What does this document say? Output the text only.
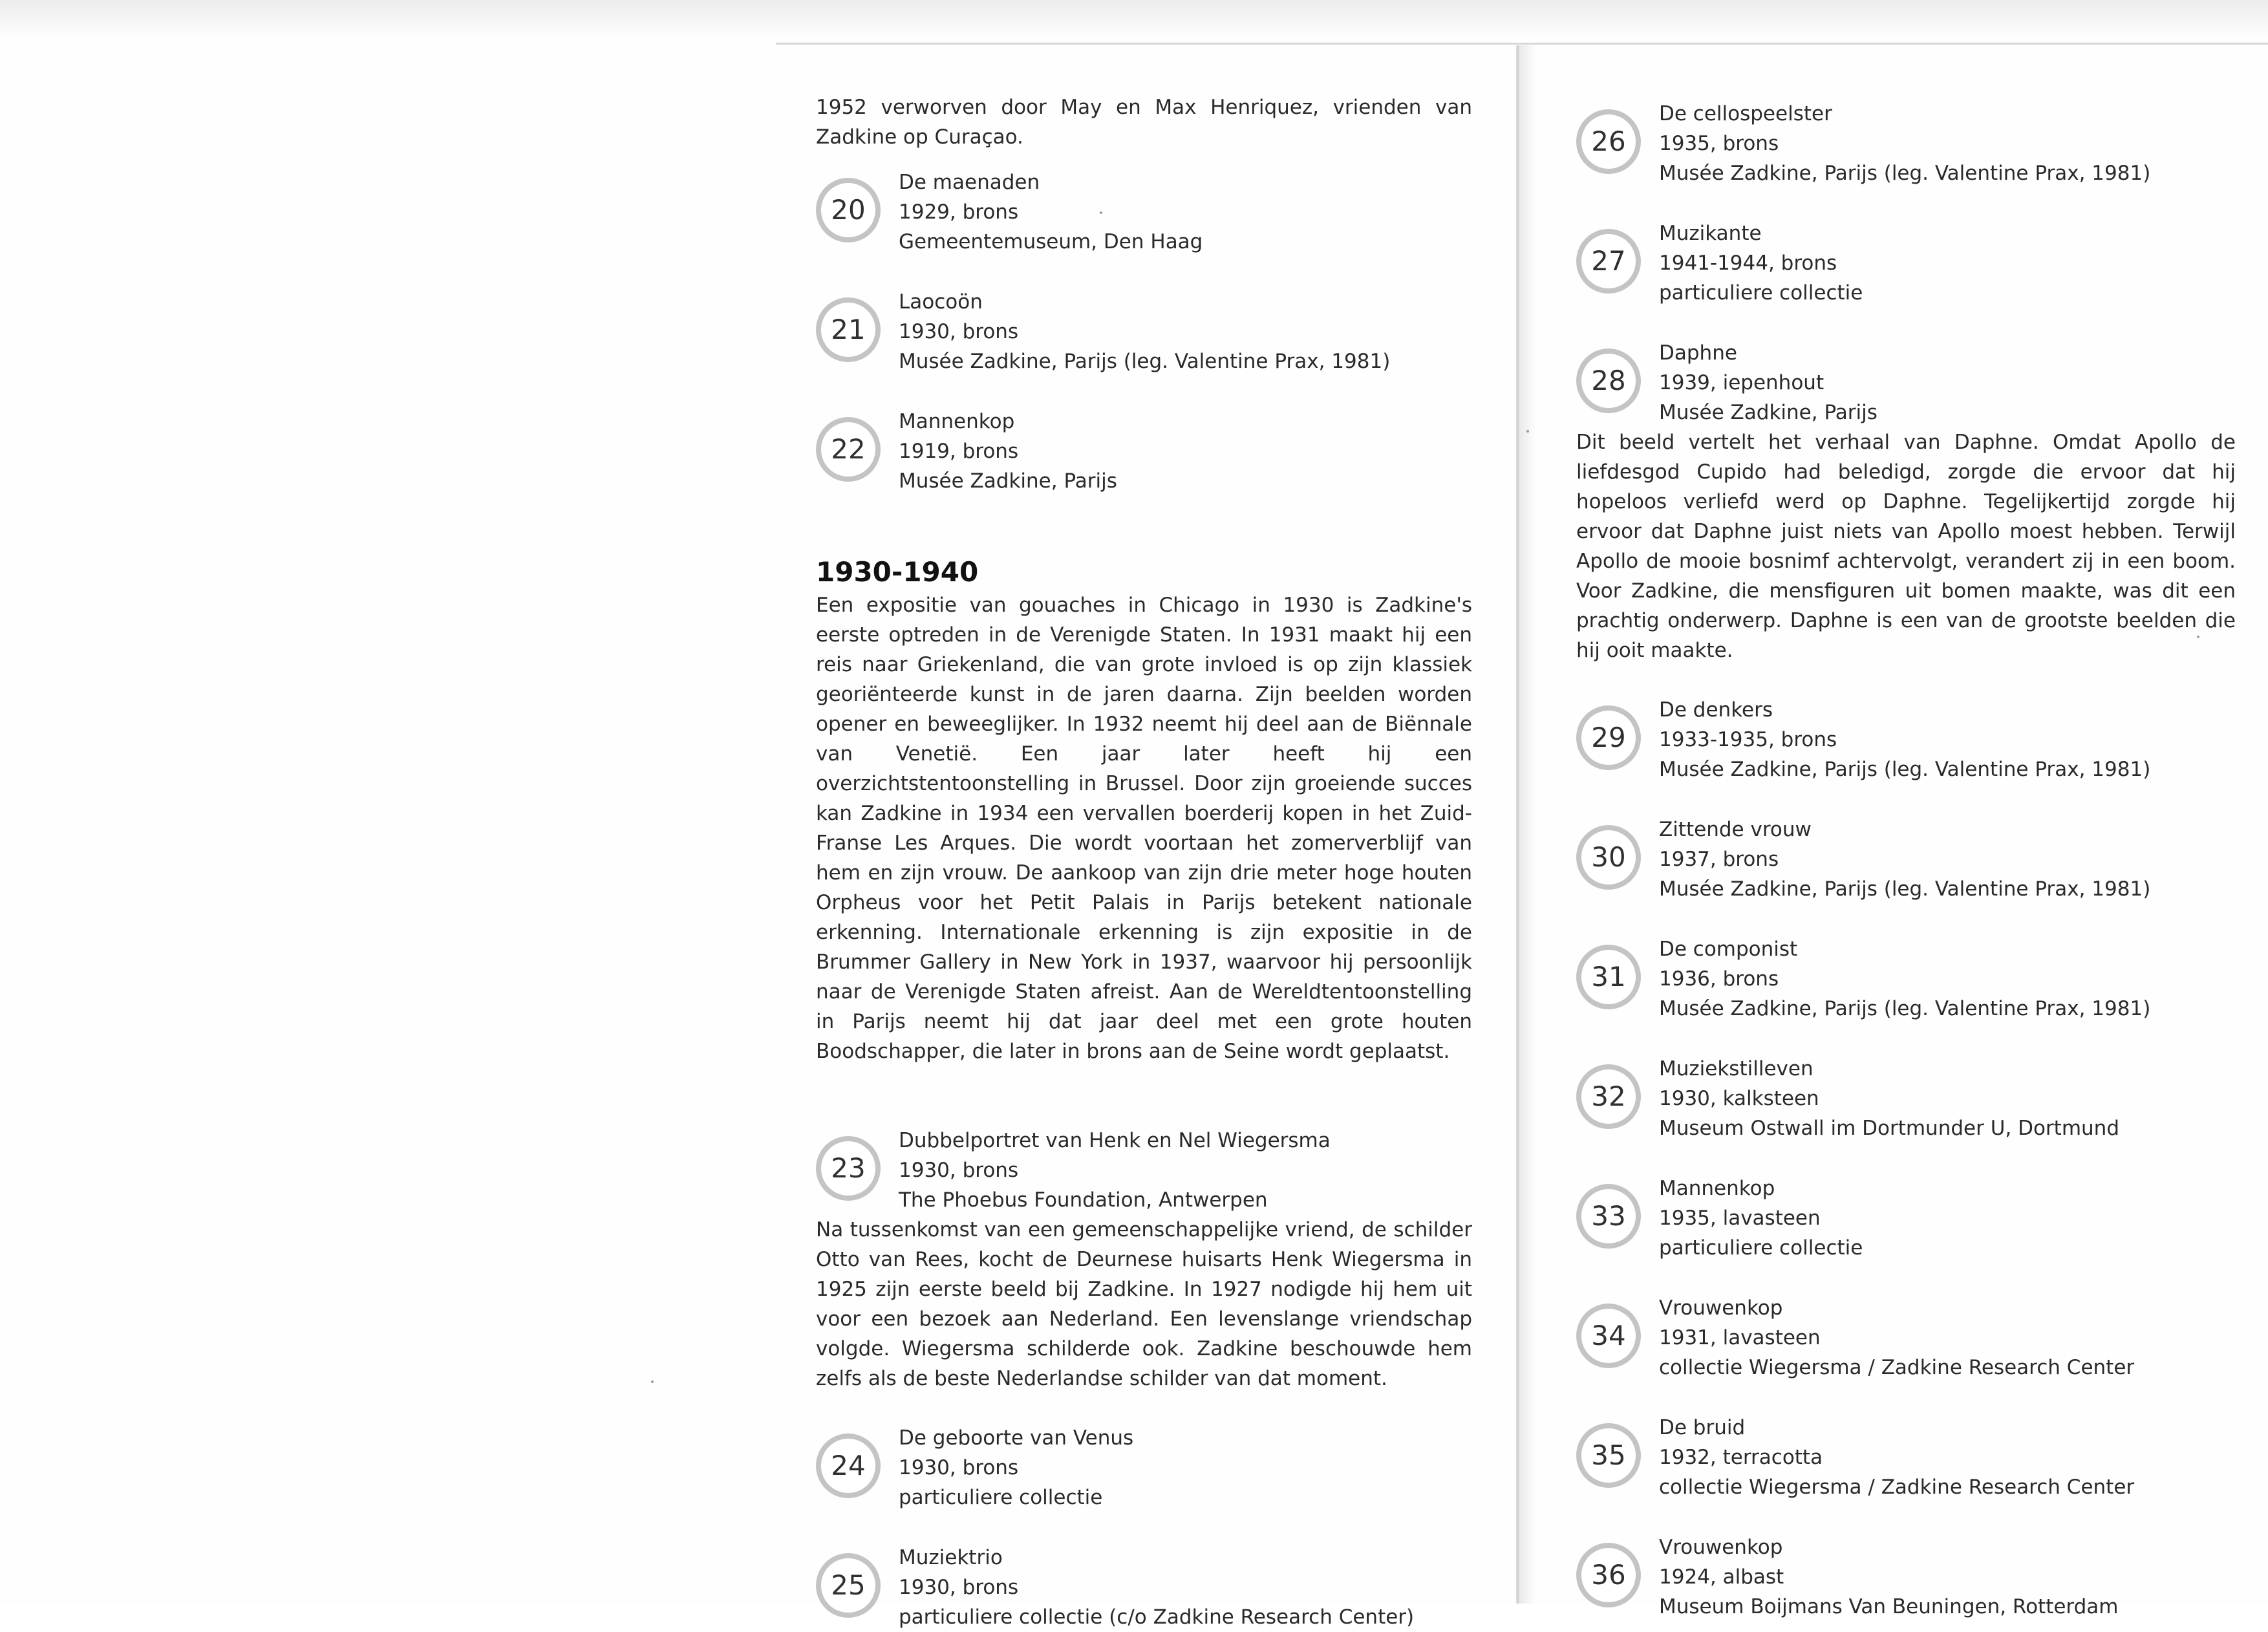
1952 verworven door May en Max Henriquez, vrienden van Zadkine op Curaçao.

20
De maenaden
1929, brons
Gemeentemuseum, Den Haag
21
Laocoön
1930, brons
Musée Zadkine, Parijs (leg. Valentine Prax, 1981)
22
Mannenkop
1919, brons
Musée Zadkine, Parijs
1930-1940

Een expositie van gouaches in Chicago in 1930 is Zadkine's eerste optreden in de Verenigde Staten. In 1931 maakt hij een reis naar Griekenland, die van grote invloed is op zijn klassiek georiënteerde kunst in de jaren daarna. Zijn beelden worden opener en beweeglijker. In 1932 neemt hij deel aan de Biënnale van Venetië. Een jaar later heeft hij een overzichtstentoonstelling in Brussel. Door zijn groeiende succes kan Zadkine in 1934 een vervallen boerderij kopen in het Zuid-Franse Les Arques. Die wordt voortaan het zomerverblijf van hem en zijn vrouw. De aankoop van zijn drie meter hoge houten Orpheus voor het Petit Palais in Parijs betekent nationale erkenning. Internationale erkenning is zijn expositie in de Brummer Gallery in New York in 1937, waarvoor hij persoonlijk naar de Verenigde Staten afreist. Aan de Wereldtentoonstelling in Parijs neemt hij dat jaar deel met een grote houten Boodschapper, die later in brons aan de Seine wordt geplaatst.

23
Dubbelportret van Henk en Nel Wiegersma
1930, brons
The Phoebus Foundation, Antwerpen

Na tussenkomst van een gemeenschappelijke vriend, de schilder Otto van Rees, kocht de Deurnese huisarts Henk Wiegersma in 1925 zijn eerste beeld bij Zadkine. In 1927 nodigde hij hem uit voor een bezoek aan Nederland. Een levenslange vriendschap volgde. Wiegersma schilderde ook. Zadkine beschouwde hem zelfs als de beste Nederlandse schilder van dat moment.

24
De geboorte van Venus
1930, brons
particuliere collectie
25
Muziektrio
1930, brons
particuliere collectie (c/o Zadkine Research Center)
26
De cellospeelster
1935, brons
Musée Zadkine, Parijs (leg. Valentine Prax, 1981)
27
Muzikante
1941-1944, brons
particuliere collectie
28
Daphne
1939, iepenhout
Musée Zadkine, Parijs

Dit beeld vertelt het verhaal van Daphne. Omdat Apollo de liefdesgod Cupido had beledigd, zorgde die ervoor dat hij hopeloos verliefd werd op Daphne. Tegelijkertijd zorgde hij ervoor dat Daphne juist niets van Apollo moest hebben. Terwijl Apollo de mooie bosnimf achtervolgt, verandert zij in een boom. Voor Zadkine, die mensfiguren uit bomen maakte, was dit een prachtig onderwerp. Daphne is een van de grootste beelden die hij ooit maakte.

29
De denkers
1933-1935, brons
Musée Zadkine, Parijs (leg. Valentine Prax, 1981)
30
Zittende vrouw
1937, brons
Musée Zadkine, Parijs (leg. Valentine Prax, 1981)
31
De componist
1936, brons
Musée Zadkine, Parijs (leg. Valentine Prax, 1981)
32
Muziekstilleven
1930, kalksteen
Museum Ostwall im Dortmunder U, Dortmund
33
Mannenkop
1935, lavasteen
particuliere collectie
34
Vrouwenkop
1931, lavasteen
collectie Wiegersma / Zadkine Research Center
35
De bruid
1932, terracotta
collectie Wiegersma / Zadkine Research Center
36
Vrouwenkop
1924, albast
Museum Boijmans Van Beuningen, Rotterdam
